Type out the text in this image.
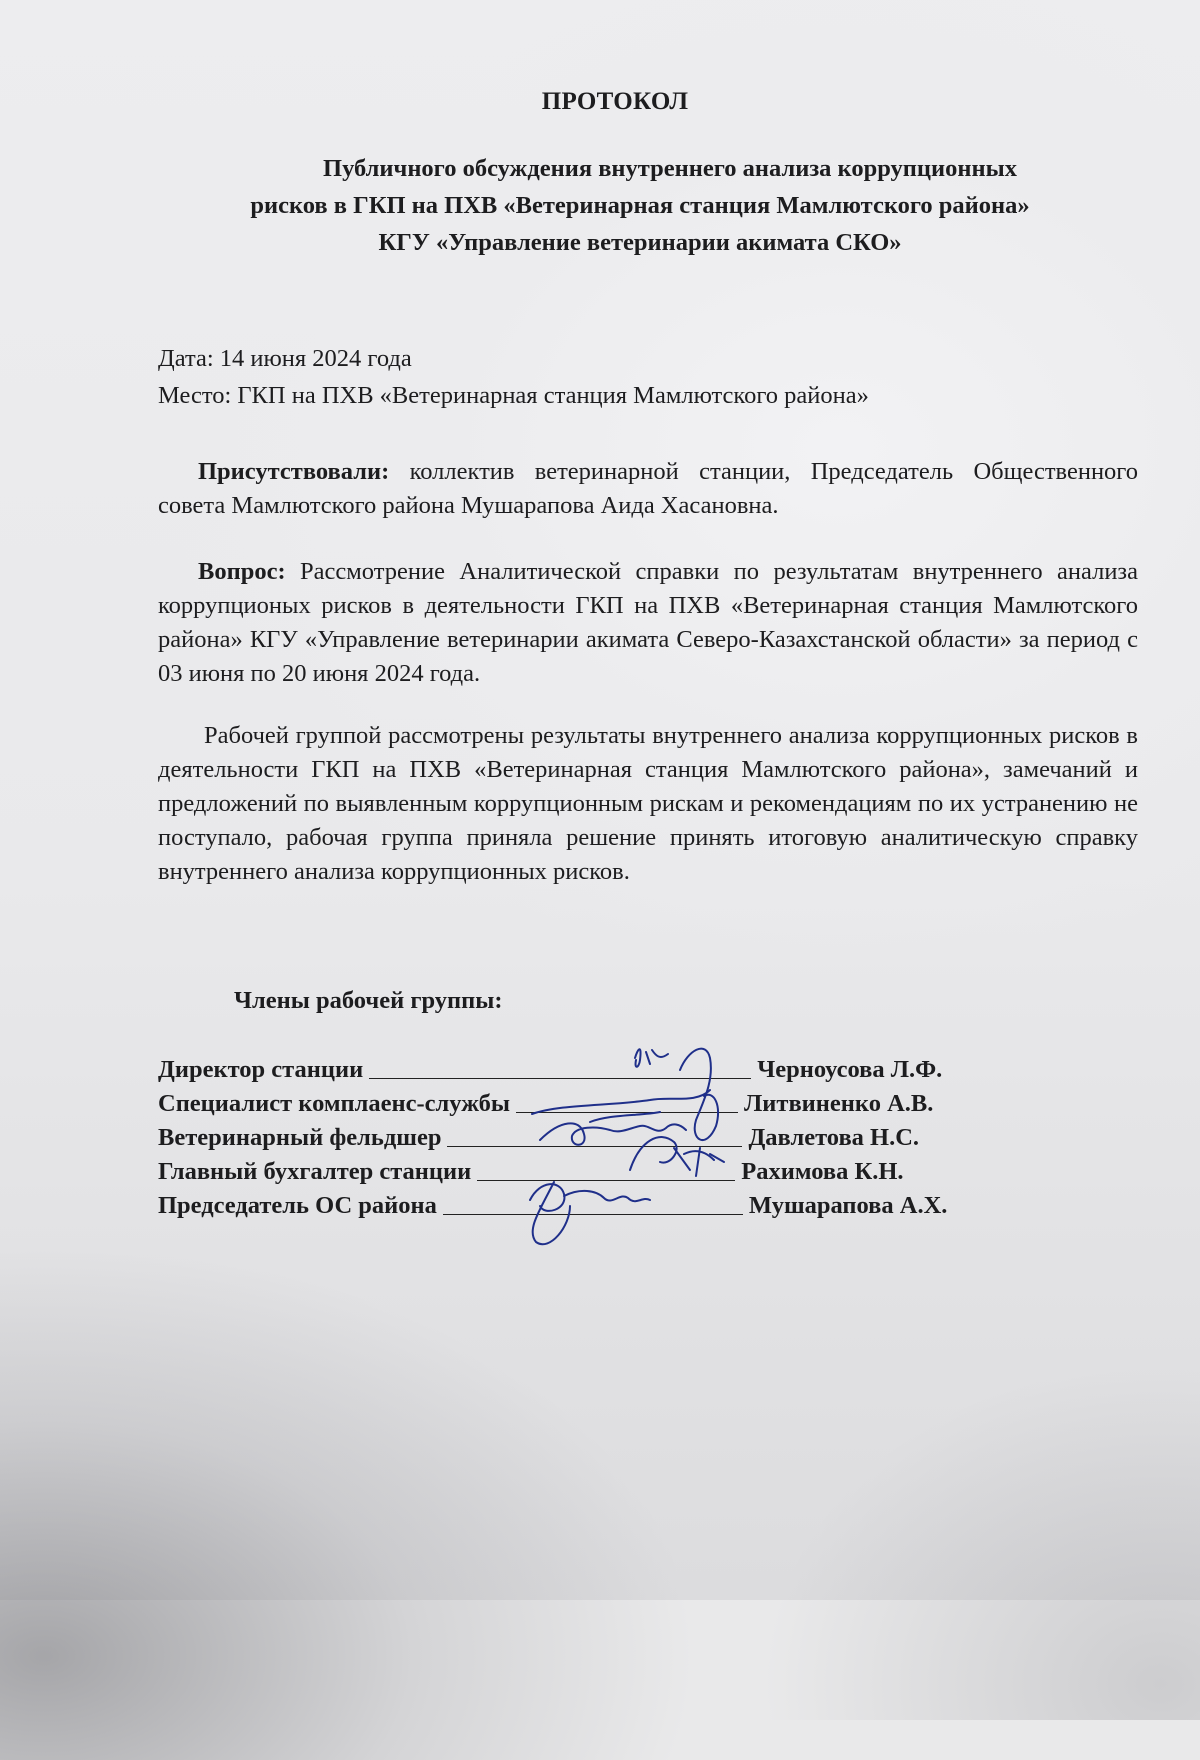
ПРОТОКОЛ
Публичного обсуждения внутреннего анализа коррупционных
рисков в ГКП на ПХВ «Ветеринарная станция Мамлютского района»
КГУ «Управление ветеринарии акимата СКО»
Дата: 14 июня 2024 года
Место: ГКП на ПХВ «Ветеринарная станция Мамлютского района»
Присутствовали: коллектив ветеринарной станции, Председатель Общественного совета Мамлютского района Мушарапова Аида Хасановна.
Вопрос: Рассмотрение Аналитической справки по результатам внутреннего анализа коррупционых рисков в деятельности ГКП на ПХВ «Ветеринарная станция Мамлютского района» КГУ «Управление ветеринарии акимата Северо-Казахстанской области» за период с 03 июня по 20 июня 2024 года.
Рабочей группой рассмотрены результаты внутреннего анализа коррупционных рисков в деятельности ГКП на ПХВ «Ветеринарная станция Мамлютского района», замечаний и предложений по выявленным коррупционным рискам и рекомендациям по их устранению не поступало, рабочая группа приняла решение принять итоговую аналитическую справку внутреннего анализа коррупционных рисков.
Члены рабочей группы:
Директор станции	Черноусова Л.Ф.
Специалист комплаенс-службы	Литвиненко А.В.
Ветеринарный фельдшер	Давлетова Н.С.
Главный бухгалтер станции	Рахимова К.Н.
Председатель ОС района	Мушарапова А.Х.
